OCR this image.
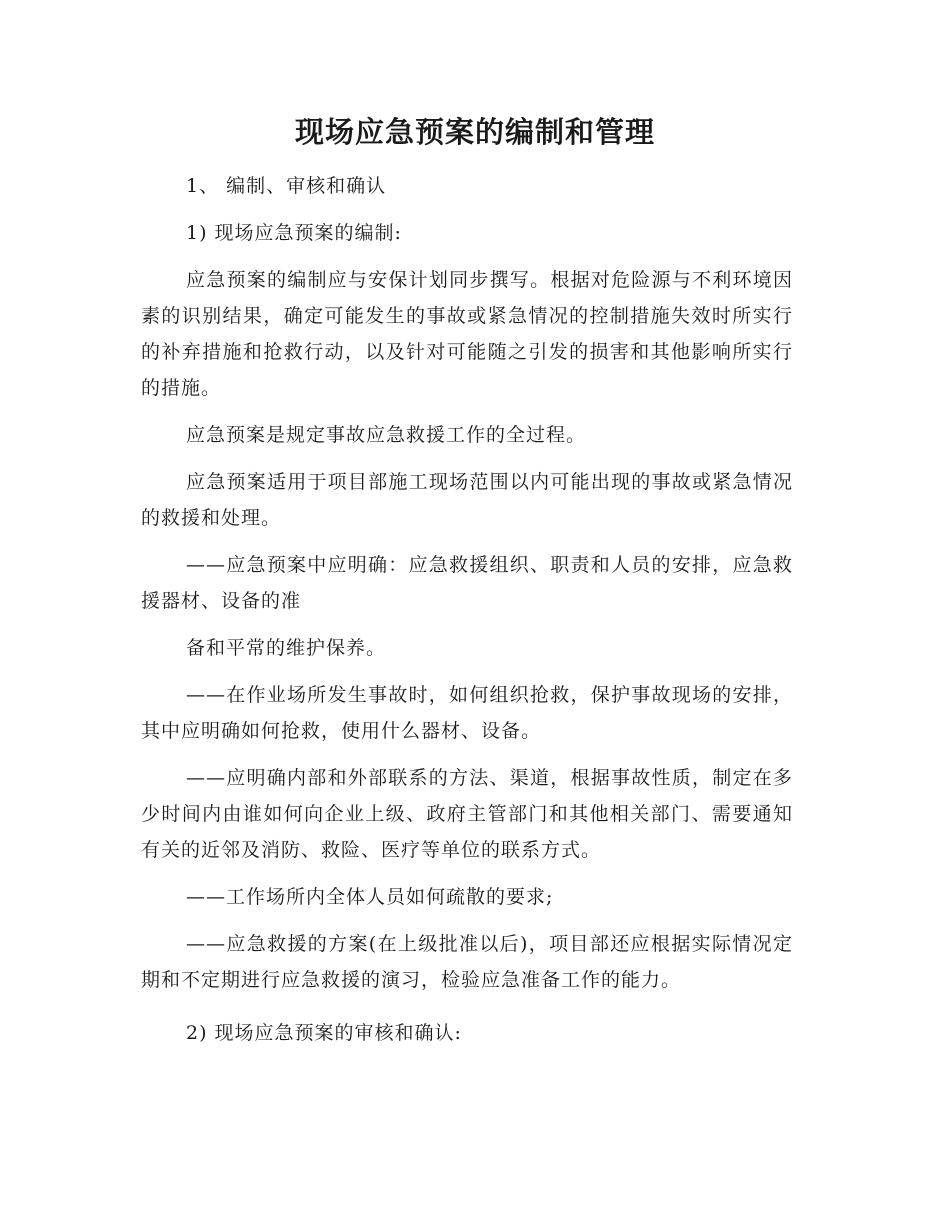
现场应急预案的编制和管理

1、 编制、审核和确认

1) 现场应急预案的编制:

应急预案的编制应与安保计划同步撰写。根据对危险源与不利环境因素的识别结果，确定可能发生的事故或紧急情况的控制措施失效时所实行的补弃措施和抢救行动，以及针对可能随之引发的损害和其他影响所实行的措施。

应急预案是规定事故应急救援工作的全过程。

应急预案适用于项目部施工现场范围以内可能出现的事故或紧急情况的救援和处理。

——应急预案中应明确：应急救援组织、职责和人员的安排，应急救援器材、设备的准

备和平常的维护保养。

——在作业场所发生事故时，如何组织抢救，保护事故现场的安排，其中应明确如何抢救，使用什么器材、设备。

——应明确内部和外部联系的方法、渠道，根据事故性质，制定在多少时间内由谁如何向企业上级、政府主管部门和其他相关部门、需要通知有关的近邻及消防、救险、医疗等单位的联系方式。

——工作场所内全体人员如何疏散的要求;

——应急救援的方案(在上级批准以后)，项目部还应根据实际情况定期和不定期进行应急救援的演习，检验应急准备工作的能力。

2) 现场应急预案的审核和确认:
